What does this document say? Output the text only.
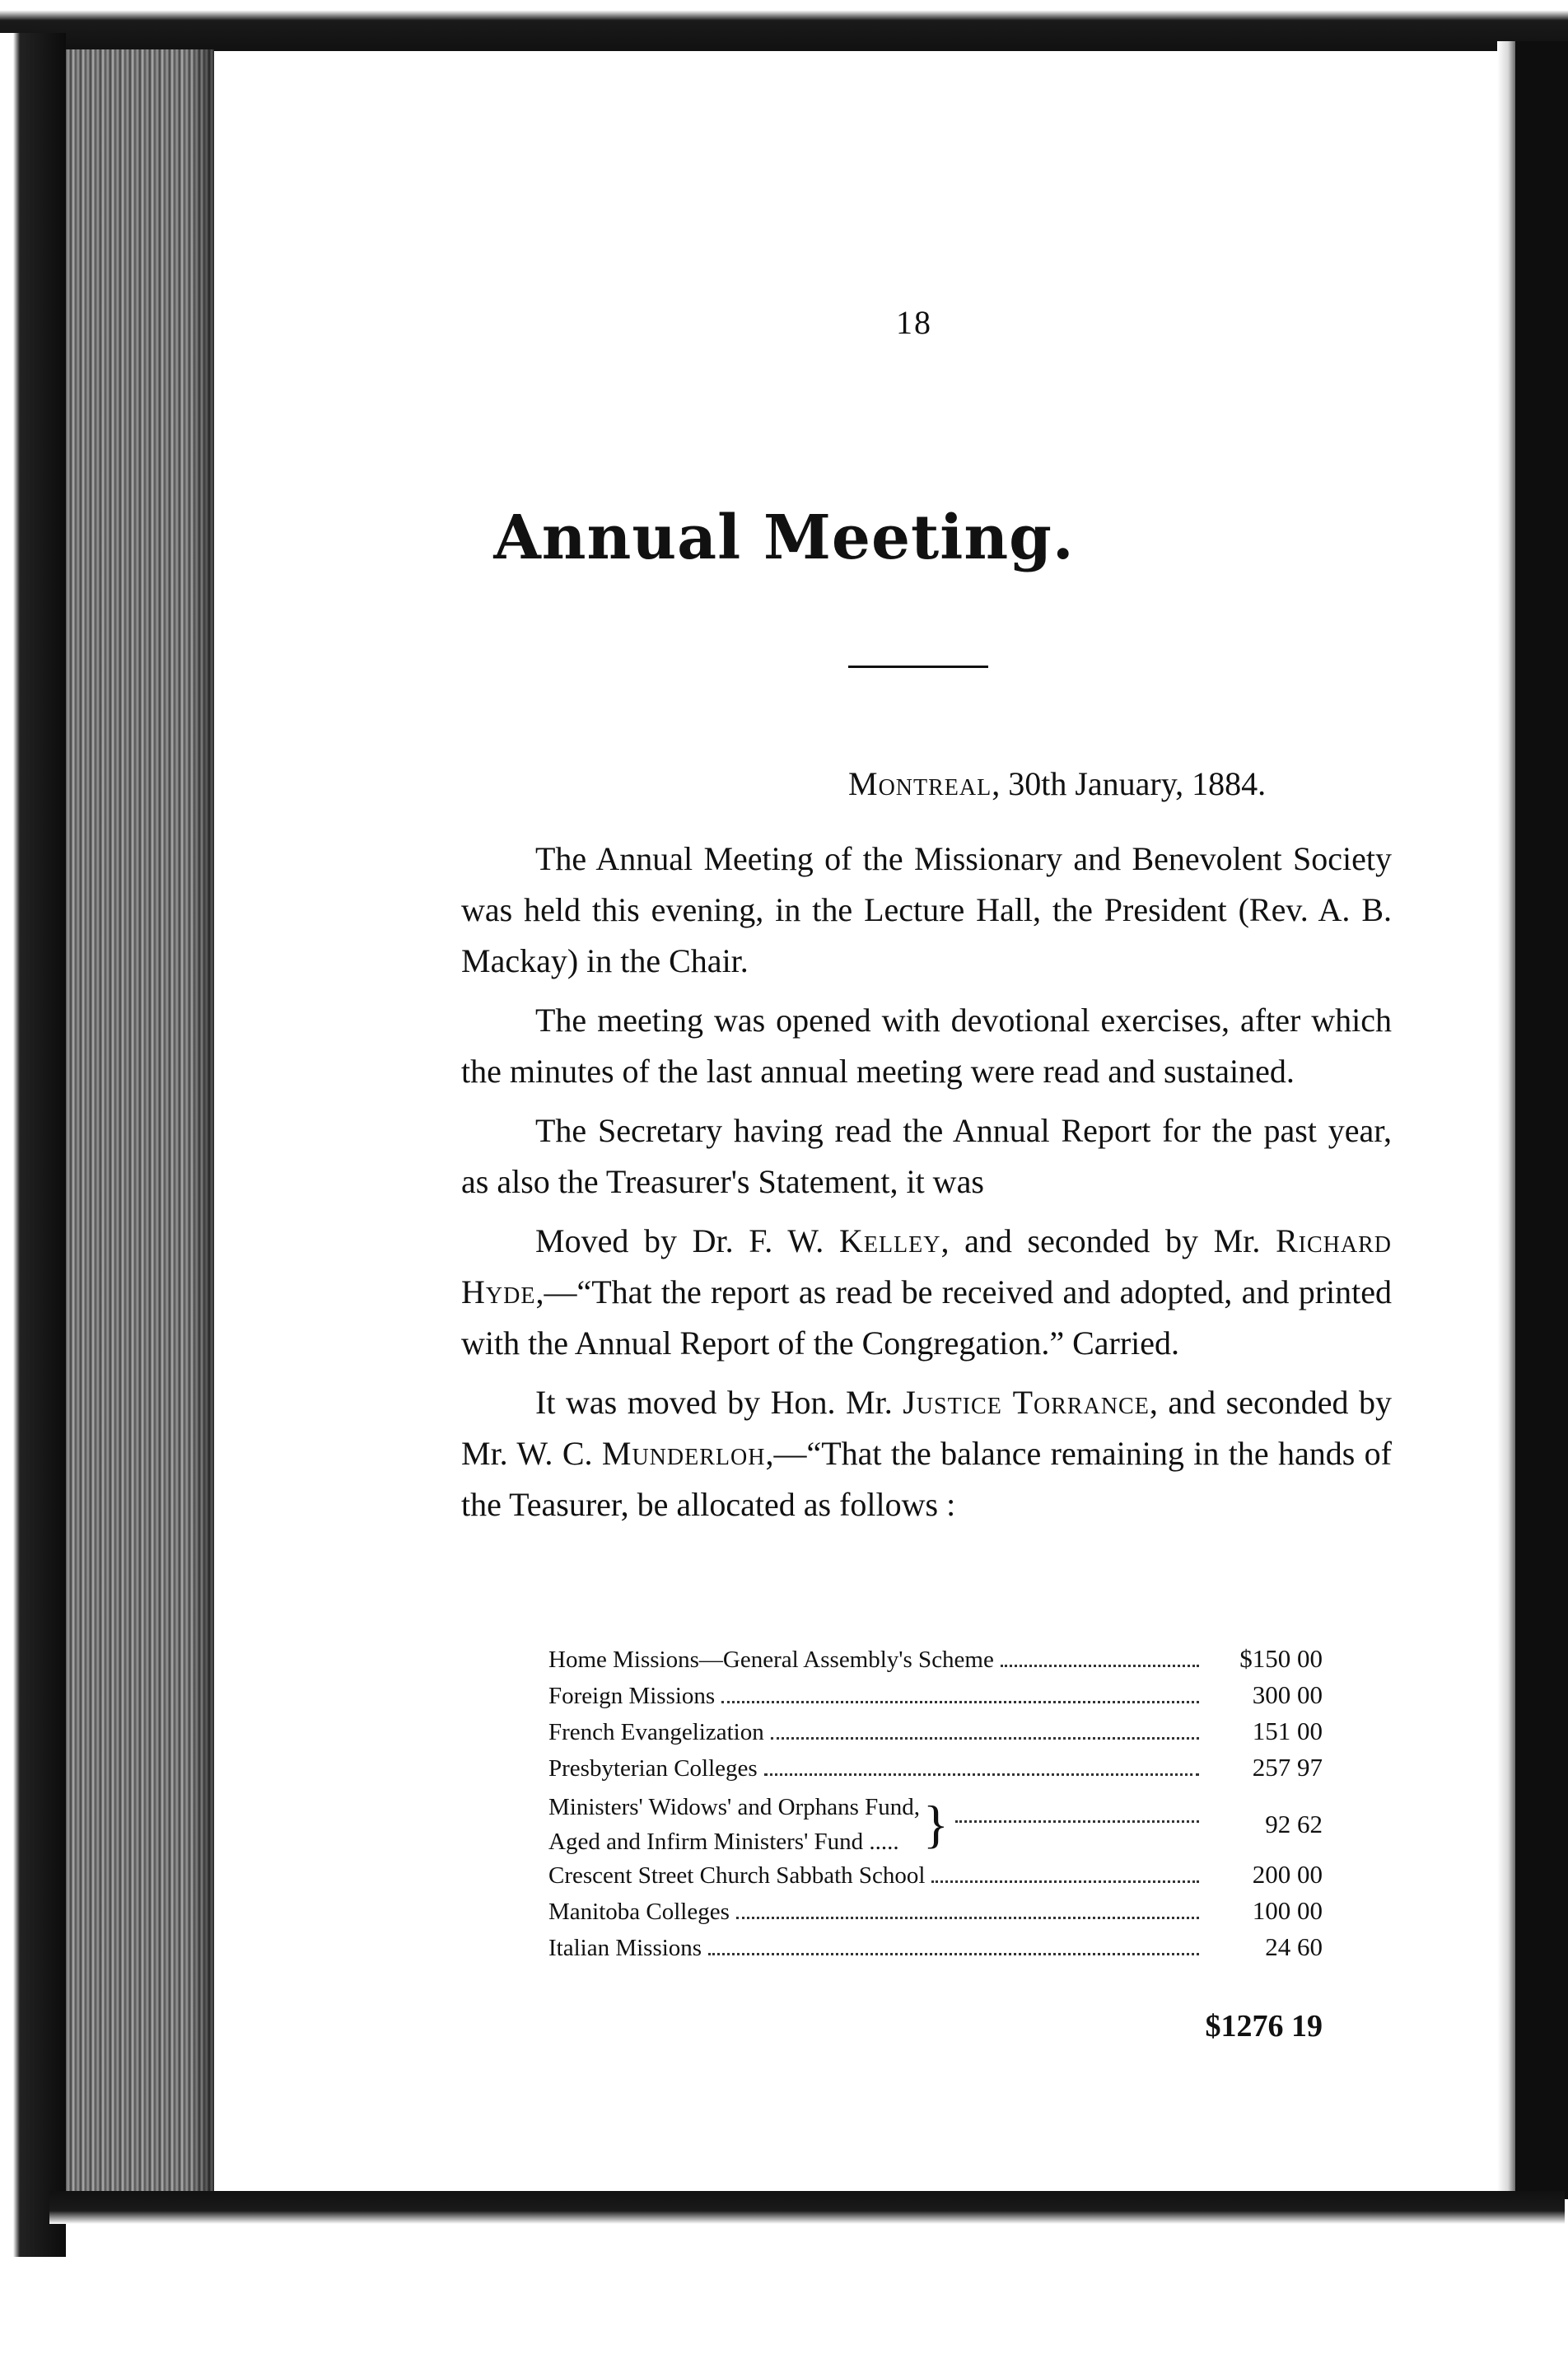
18
Annual Meeting.
Montreal, 30th January, 1884.

The Annual Meeting of the Missionary and Benevolent Society was held this evening, in the Lecture Hall, the President (Rev. A. B. Mackay) in the Chair.

The meeting was opened with devotional exercises, after which the minutes of the last annual meeting were read and sustained.

The Secretary having read the Annual Report for the past year, as also the Treasurer's Statement, it was

Moved by Dr. F. W. Kelley, and seconded by Mr. Richard Hyde,—“That the report as read be received and adopted, and printed with the Annual Report of the Congregation.” Carried.

It was moved by Hon. Mr. Justice Torrance, and seconded by Mr. W. C. Munderloh,—“That the balance remaining in the hands of the Teasurer, be allocated as follows :

Home Missions—General Assembly's Scheme	$150 00
Foreign Missions	300 00
French Evangelization	151 00
Presbyterian Colleges	257 97
Ministers' Widows' and Orphans Fund,
Aged and Infirm Ministers' Fund ..... }	92 62
Crescent Street Church Sabbath School	200 00
Manitoba Colleges	100 00
Italian Missions	24 60
$1276 19
